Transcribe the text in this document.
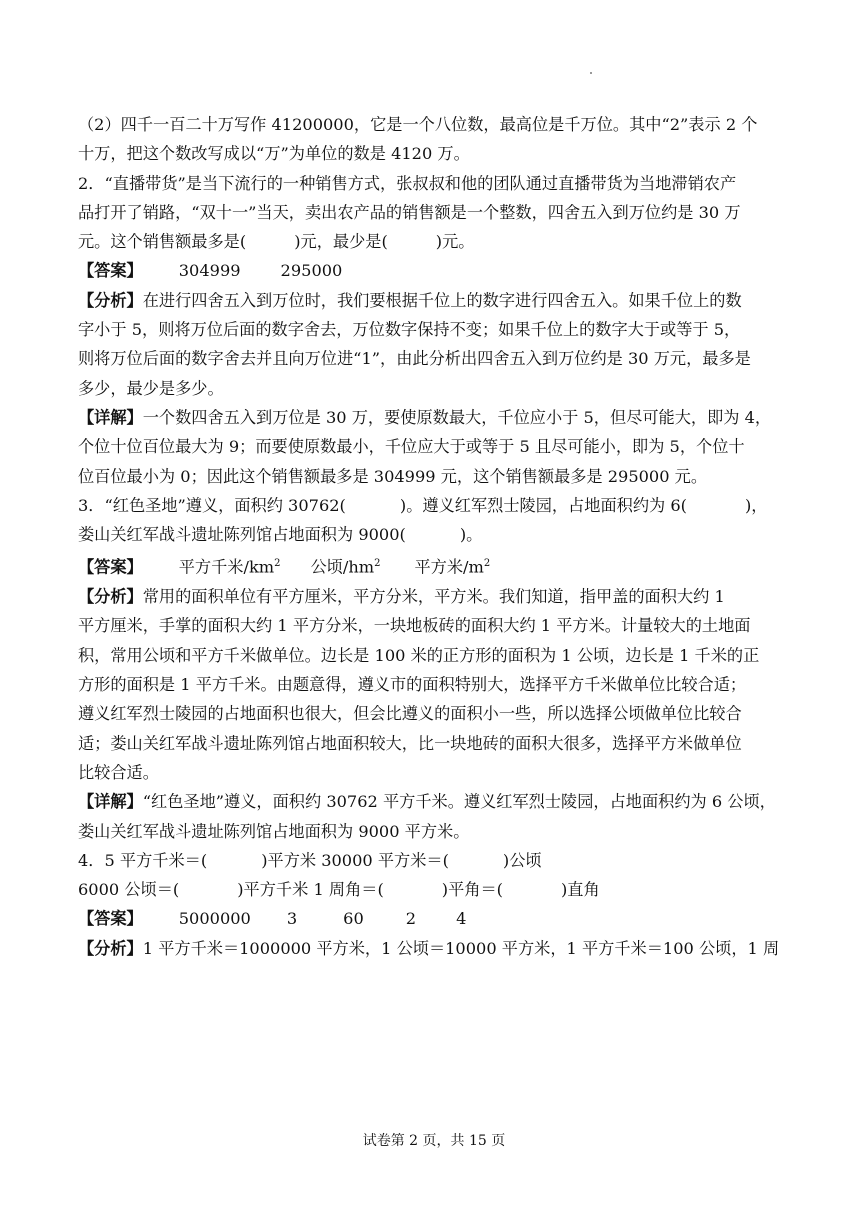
（2）四千一百二十万写作 41200000，它是一个八位数，最高位是千万位。其中“2”表示 2 个

十万，把这个数改写成以“万”为单位的数是 4120 万。

2．“直播带货”是当下流行的一种销售方式，张叔叔和他的团队通过直播带货为当地滞销农产

品打开了销路，“双十一”当天，卖出农产品的销售额是一个整数，四舍五入到万位约是 30 万

元。这个销售额最多是(	)元，最少是(	)元。

【答案】 304999 295000

【分析】在进行四舍五入到万位时，我们要根据千位上的数字进行四舍五入。如果千位上的数

字小于 5，则将万位后面的数字舍去，万位数字保持不变；如果千位上的数字大于或等于 5，

则将万位后面的数字舍去并且向万位进“1”，由此分析出四舍五入到万位约是 30 万元，最多是

多少，最少是多少。

【详解】一个数四舍五入到万位是 30 万，要使原数最大，千位应小于 5，但尽可能大，即为 4，

个位十位百位最大为 9；而要使原数最小，千位应大于或等于 5 且尽可能小，即为 5，个位十

位百位最小为 0；因此这个销售额最多是 304999 元，这个销售额最多是 295000 元。

3．“红色圣地”遵义，面积约 30762(	)。遵义红军烈士陵园，占地面积约为 6(	)，

娄山关红军战斗遗址陈列馆占地面积为 9000(	)。

【答案】 平方千米$/km^2$ 公顷$/hm^2$ 平方米$/m^2$

【分析】常用的面积单位有平方厘米，平方分米，平方米。我们知道，指甲盖的面积大约 1

平方厘米，手掌的面积大约 1 平方分米，一块地板砖的面积大约 1 平方米。计量较大的土地面

积，常用公顷和平方千米做单位。边长是 100 米的正方形的面积为 1 公顷，边长是 1 千米的正

方形的面积是 1 平方千米。由题意得，遵义市的面积特别大，选择平方千米做单位比较合适；

遵义红军烈士陵园的占地面积也很大，但会比遵义的面积小一些，所以选择公顷做单位比较合

适；娄山关红军战斗遗址陈列馆占地面积较大，比一块地砖的面积大很多，选择平方米做单位

比较合适。

【详解】“红色圣地”遵义，面积约 30762 平方千米。遵义红军烈士陵园，占地面积约为 6 公顷，

娄山关红军战斗遗址陈列馆占地面积为 9000 平方米。

4．5 平方千米＝(	)平方米 30000 平方米＝(	)公顷

6000 公顷＝(	)平方千米 1 周角＝(	)平角＝(	)直角

【答案】 5000000 3	60	2 4

【分析】1 平方千米＝1000000 平方米，1 公顷＝10000 平方米，1 平方千米＝100 公顷，1 周

试卷第 2 页，共 15 页
